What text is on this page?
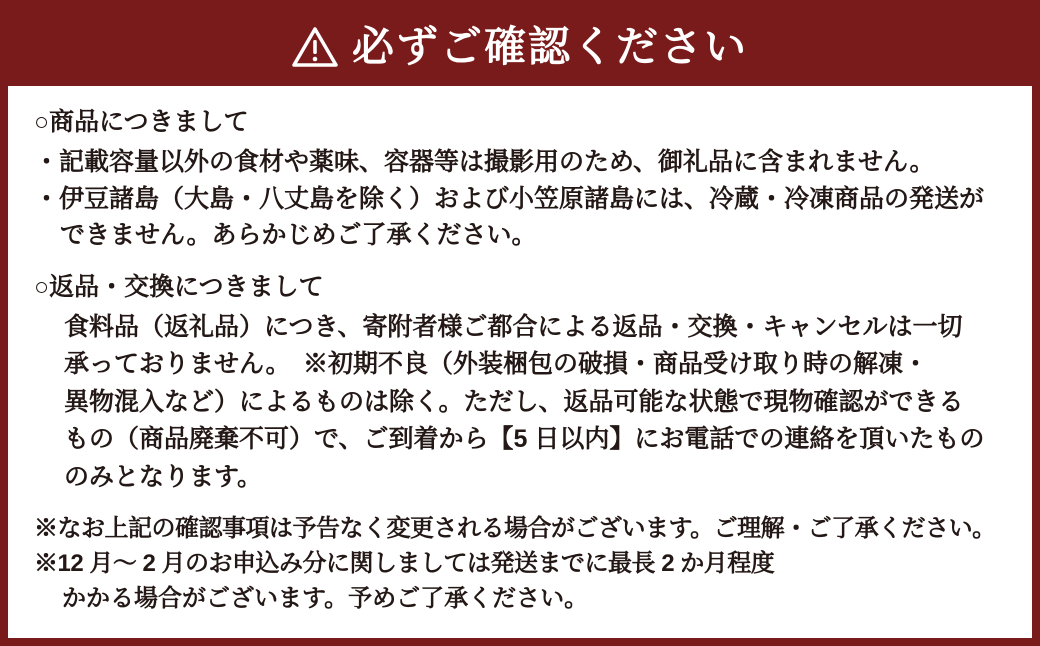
必ずご確認ください

○商品につきまして

・記載容量以外の食材や薬味、容器等は撮影用のため、御礼品に含まれません。

・伊豆諸島（大島・八丈島を除く）および小笠原諸島には、冷蔵・冷凍商品の発送が
できません。あらかじめご了承ください。

○返品・交換につきまして

食料品（返礼品）につき、寄附者様ご都合による返品・交換・キャンセルは一切

承っておりません。　※初期不良（外装梱包の破損・商品受け取り時の解凍・

異物混入など）によるものは除く。ただし、返品可能な状態で現物確認ができる

もの（商品廃棄不可）で、ご到着から【5 日以内】にお電話での連絡を頂いたもの

のみとなります。

※なお上記の確認事項は予告なく変更される場合がございます。ご理解・ご了承ください。

※12 月〜 2 月のお申込み分に関しましては発送までに最長 2 か月程度
かかる場合がございます。予めご了承ください。
